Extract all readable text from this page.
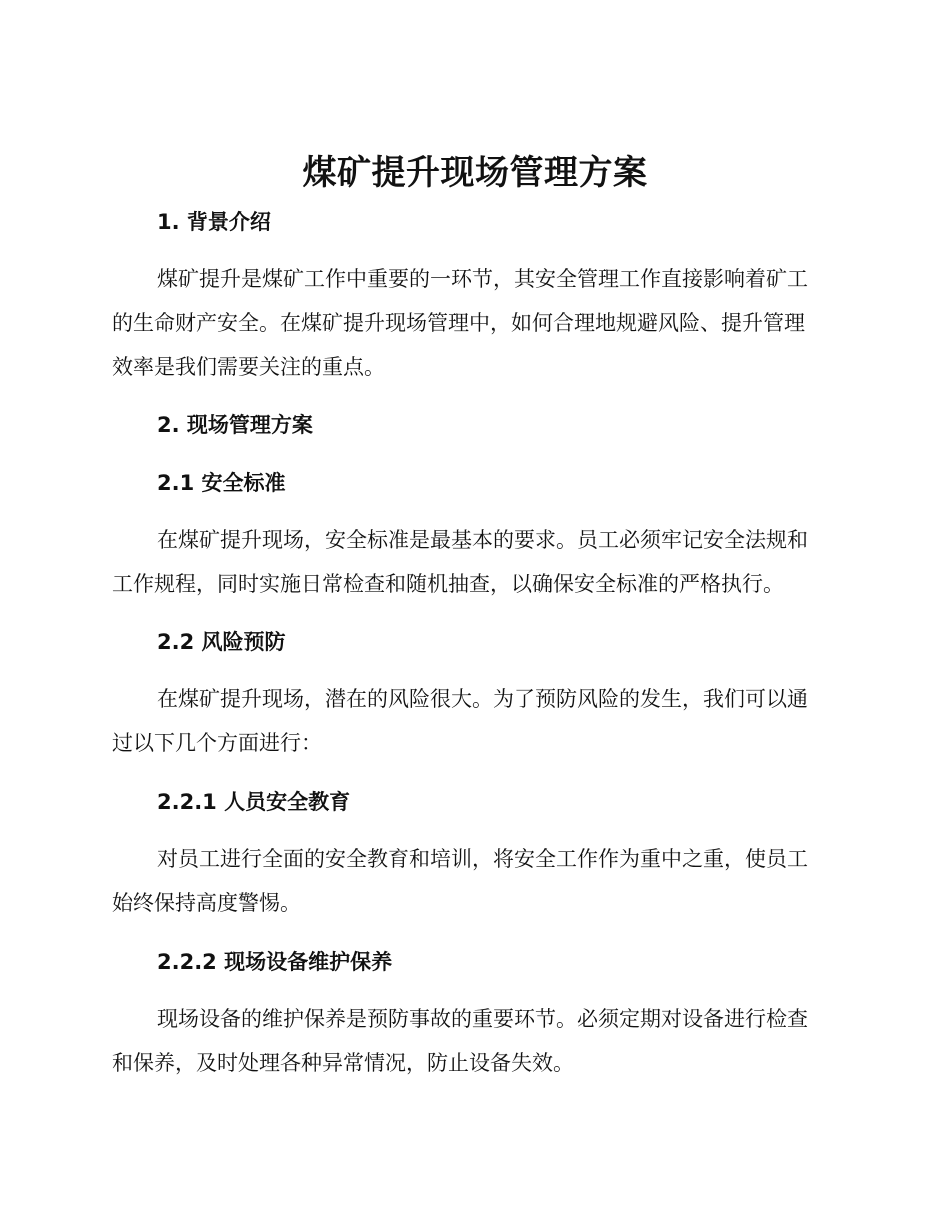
煤矿提升现场管理方案
1. 背景介绍
煤矿提升是煤矿工作中重要的一环节，其安全管理工作直接影响着矿工
的生命财产安全。在煤矿提升现场管理中，如何合理地规避风险、提升管理
效率是我们需要关注的重点。
2. 现场管理方案
2.1 安全标准
在煤矿提升现场，安全标准是最基本的要求。员工必须牢记安全法规和
工作规程，同时实施日常检查和随机抽查，以确保安全标准的严格执行。
2.2 风险预防
在煤矿提升现场，潜在的风险很大。为了预防风险的发生，我们可以通
过以下几个方面进行：
2.2.1 人员安全教育
对员工进行全面的安全教育和培训，将安全工作作为重中之重，使员工
始终保持高度警惕。
2.2.2 现场设备维护保养
现场设备的维护保养是预防事故的重要环节。必须定期对设备进行检查
和保养，及时处理各种异常情况，防止设备失效。
